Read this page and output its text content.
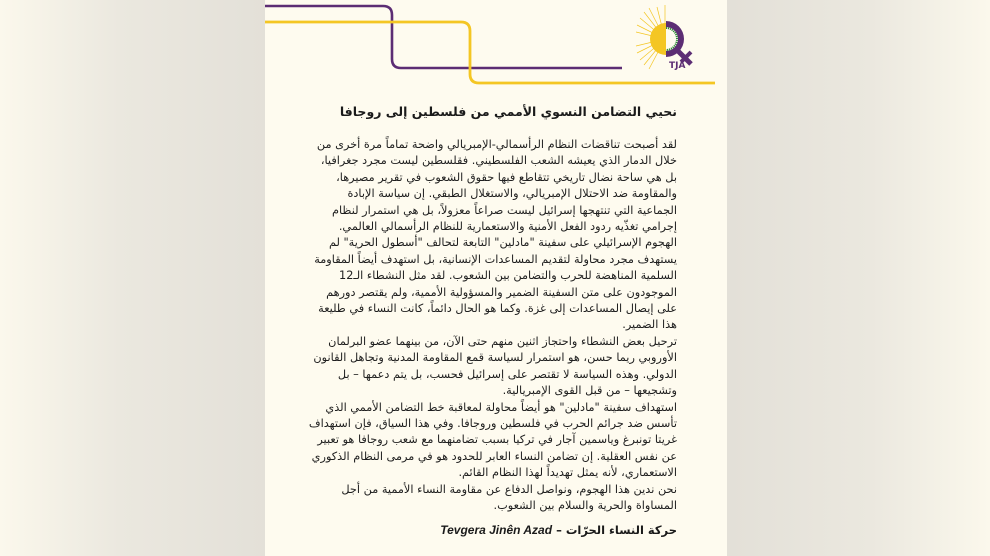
TJA
نحيي التضامن النسوي الأممي من فلسطين إلى روجافا

لقد أصبحت تناقضات النظام الرأسمالي-الإمبريالي واضحة تماماً مرة أخرى من
خلال الدمار الذي يعيشه الشعب الفلسطيني. فقلسطين ليست مجرد جغرافيا،
بل هي ساحة نضال تاريخي تتقاطع فيها حقوق الشعوب في تقرير مصيرها،
والمقاومة ضد الاحتلال الإمبريالي، والاستغلال الطبقي. إن سياسة الإبادة
الجماعية التي تنتهجها إسرائيل ليست صراعاً معزولاً، بل هي استمرار لنظام
إجرامي تغذّيه ردود الفعل الأمنية والاستعمارية للنظام الرأسمالي العالمي.

الهجوم الإسرائيلي على سفينة "مادلين" التابعة لتحالف "أسطول الحرية" لم
يستهدف مجرد محاولة لتقديم المساعدات الإنسانية، بل استهدف أيضاً المقاومة
السلمية المناهضة للحرب والتضامن بين الشعوب. لقد مثل النشطاء الـ12
الموجودون على متن السفينة الضمير والمسؤولية الأممية، ولم يقتصر دورهم
على إيصال المساعدات إلى غزة. وكما هو الحال دائماً، كانت النساء في طليعة
هذا الضمير.

ترحيل بعض النشطاء واحتجاز اثنين منهم حتى الآن، من بينهما عضو البرلمان
الأوروبي ريما حسن، هو استمرار لسياسة قمع المقاومة المدنية وتجاهل القانون
الدولي. وهذه السياسة لا تقتصر على إسرائيل فحسب، بل يتم دعمها – بل
وتشجيعها – من قبل القوى الإمبريالية.

استهداف سفينة "مادلين" هو أيضاً محاولة لمعاقبة خط التضامن الأممي الذي
تأسس ضد جرائم الحرب في فلسطين وروجافا. وفي هذا السياق، فإن استهداف
غريتا تونبرغ وياسمين آجار في تركيا بسبب تضامنهما مع شعب روجافا هو تعبير
عن نفس العقلية. إن تضامن النساء العابر للحدود هو في مرمى النظام الذكوري
الاستعماري، لأنه يمثل تهديداً لهذا النظام القائم.

نحن ندين هذا الهجوم، ونواصل الدفاع عن مقاومة النساء الأممية من أجل
المساواة والحرية والسلام بين الشعوب.

حركة النساء الحرّات – Tevgera Jinên Azad
